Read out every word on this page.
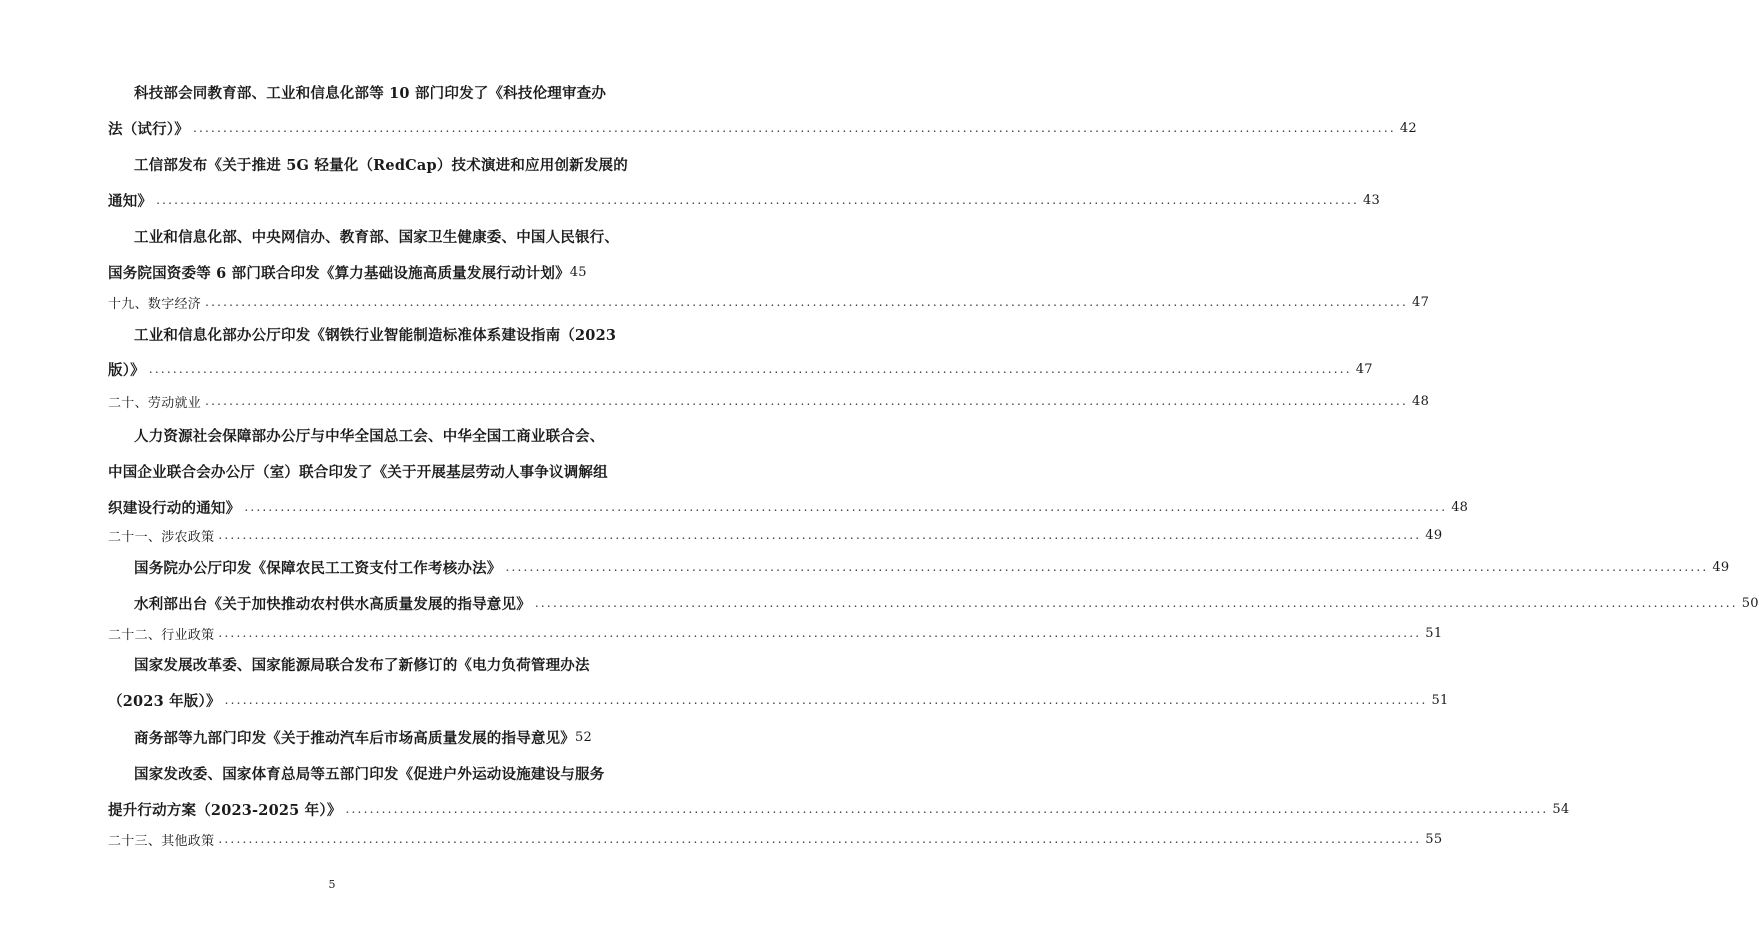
科技部会同教育部、工业和信息化部等 10 部门印发了《科技伦理审查办
法（试行）》 ........................................................................................................................................................................................................ 42
工信部发布《关于推进 5G 轻量化（RedCap）技术演进和应用创新发展的
通知》 ........................................................................................................................................................................................................ 43
工业和信息化部、中央网信办、教育部、国家卫生健康委、中国人民银行、
国务院国资委等 6 部门联合印发《算力基础设施高质量发展行动计划》 45
十九、 数字经济 ........................................................................................................................................................................................................ 47
工业和信息化部办公厅印发《钢铁行业智能制造标准体系建设指南（2023
版）》 ........................................................................................................................................................................................................ 47
二十、 劳动就业 ........................................................................................................................................................................................................ 48
人力资源社会保障部办公厅与中华全国总工会、中华全国工商业联合会、
中国企业联合会办公厅（室）联合印发了《关于开展基层劳动人事争议调解组
织建设行动的通知》 ........................................................................................................................................................................................................ 48
二十一、 涉农政策 ........................................................................................................................................................................................................ 49
国务院办公厅印发《保障农民工工资支付工作考核办法》 ........................................................................................................................................................................................................ 49
水利部出台《关于加快推动农村供水高质量发展的指导意见》 ........................................................................................................................................................................................................ 50
二十二、 行业政策 ........................................................................................................................................................................................................ 51
国家发展改革委、国家能源局联合发布了新修订的《电力负荷管理办法
（2023 年版）》 ........................................................................................................................................................................................................ 51
商务部等九部门印发《关于推动汽车后市场高质量发展的指导意见》 52
国家发改委、国家体育总局等五部门印发《促进户外运动设施建设与服务
提升行动方案（2023-2025 年）》 ........................................................................................................................................................................................................ 54
二十三、 其他政策 ........................................................................................................................................................................................................ 55
5
